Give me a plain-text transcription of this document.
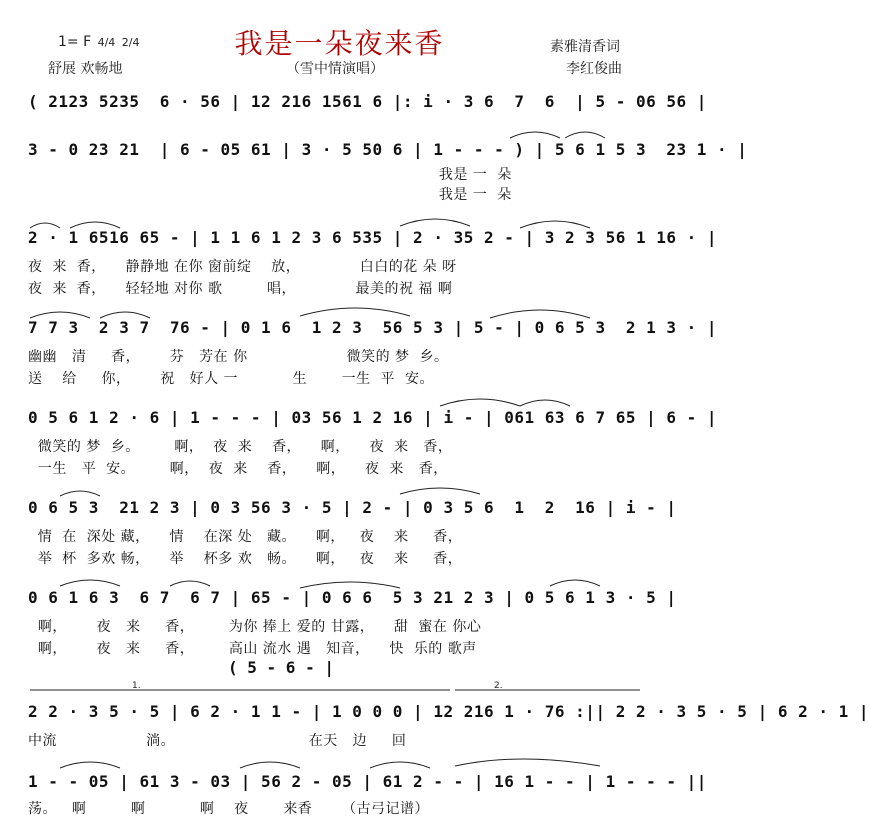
我是一朵夜来香
1= F 4/4 2/4
舒展 欢畅地	（雪中情演唱）
素雅清香词
李红俊曲
( 2123 5235  6 · 56 | 12 216 1561 6 |: i · 3 6  7  6  | 5 - 06 56 |
3 - 0 23 21  | 6 - 05 61 | 3 · 5 50 6 | 1 - - - ) | 5 6 1 5 3  23 1 · |
我是 一  朵
我是 一  朵
2 · 1 6516 65 - | 1 1 6 1 2 3 6 535 | 2 · 35 2 - | 3 2 3 56 1 16 · |
夜  来  香，    静静地 在你 窗前绽    放，            白白的花 朵 呀
夜  来  香，    轻轻地 对你 歌         唱，            最美的祝 福 啊
7 7 3  2 3 7  76 - | 0 1 6  1 2 3  56 5 3 | 5 - | 0 6 5 3  2 1 3 · |
幽幽   清     香，      芬   芳在 你                    微笑的 梦  乡。
送    给     你，      祝   好人 一           生       一生  平  安。
0 5 6 1 2 · 6 | 1 - - - | 03 56 1 2 16 | i - | 061 63 6 7 65 | 6 - |
微笑的 梦  乡。       啊，  夜  来    香，    啊，    夜  来   香，
一生   平  安。       啊，  夜  来    香，    啊，    夜  来   香，
0 6 5 3  21 2 3 | 0 3 56 3 · 5 | 2 - | 0 3 5 6  1  2  16 | i - |
情  在  深处 藏，    情    在深 处   藏。    啊，   夜    来     香，
举  杯  多欢 畅，    举    杯多 欢   畅。    啊，   夜    来     香，
0 6 1 6 3  6 7  6 7 | 65 - | 0 6 6  5 3 21 2 3 | 0 5 6 1 3 · 5 |
啊，      夜   来     香，       为你 捧上 爱的 甘露，    甜  蜜在 你心
啊，      夜   来     香，       高山 流水 遇   知音，    快  乐的 歌声
( 5 - 6 - |
2 2 · 3 5 · 5 | 6 2 · 1 1 - | 1 0 0 0 | 12 216 1 · 76 :|| 2 2 · 3 5 · 5 | 6 2 · 1 |
中流                  淌。                           在天   边     回
1 - - 05 | 61 3 - 03 | 56 2 - 05 | 61 2 - - | 16 1 - - | 1 - - - ||
荡。   啊         啊           啊    夜       来香      （古弓记谱）
1.	2.
